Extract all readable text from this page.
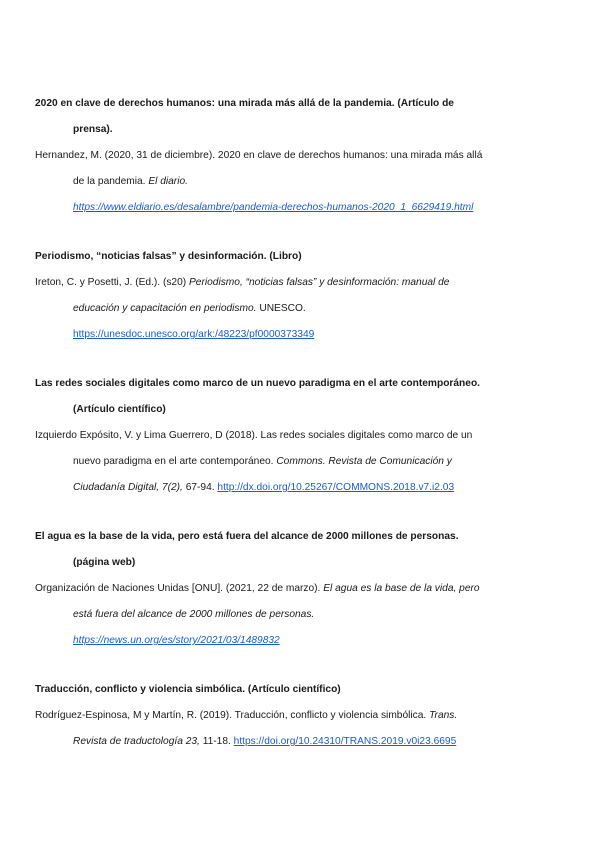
2020 en clave de derechos humanos: una mirada más allá de la pandemia. (Artículo de
prensa).
Hernandez, M. (2020, 31 de diciembre). 2020 en clave de derechos humanos: una mirada más allá
de la pandemia. El diario.
https://www.eldiario.es/desalambre/pandemia-derechos-humanos-2020_1_6629419.html
Periodismo, “noticias falsas” y desinformación. (Libro)
Ireton, C. y Posetti, J. (Ed.). (s20) Periodismo, “noticias falsas” y desinformación: manual de
educación y capacitación en periodismo. UNESCO.
https://unesdoc.unesco.org/ark:/48223/pf0000373349
Las redes sociales digitales como marco de un nuevo paradigma en el arte contemporáneo.
(Artículo científico)
Izquierdo Expósito, V. y Lima Guerrero, D (2018). Las redes sociales digitales como marco de un
nuevo paradigma en el arte contemporáneo. Commons. Revista de Comunicación y
Ciudadanía Digital, 7(2), 67-94. http://dx.doi.org/10.25267/COMMONS.2018.v7.i2.03
El agua es la base de la vida, pero está fuera del alcance de 2000 millones de personas.
(página web)
Organización de Naciones Unidas [ONU]. (2021, 22 de marzo). El agua es la base de la vida, pero
está fuera del alcance de 2000 millones de personas.
https://news.un.org/es/story/2021/03/1489832
Traducción, conflicto y violencia simbólica. (Artículo científico)
Rodríguez-Espinosa, M y Martín, R. (2019). Traducción, conflicto y violencia simbólica. Trans.
Revista de traductología 23, 11-18. https://doi.org/10.24310/TRANS.2019.v0i23.6695
